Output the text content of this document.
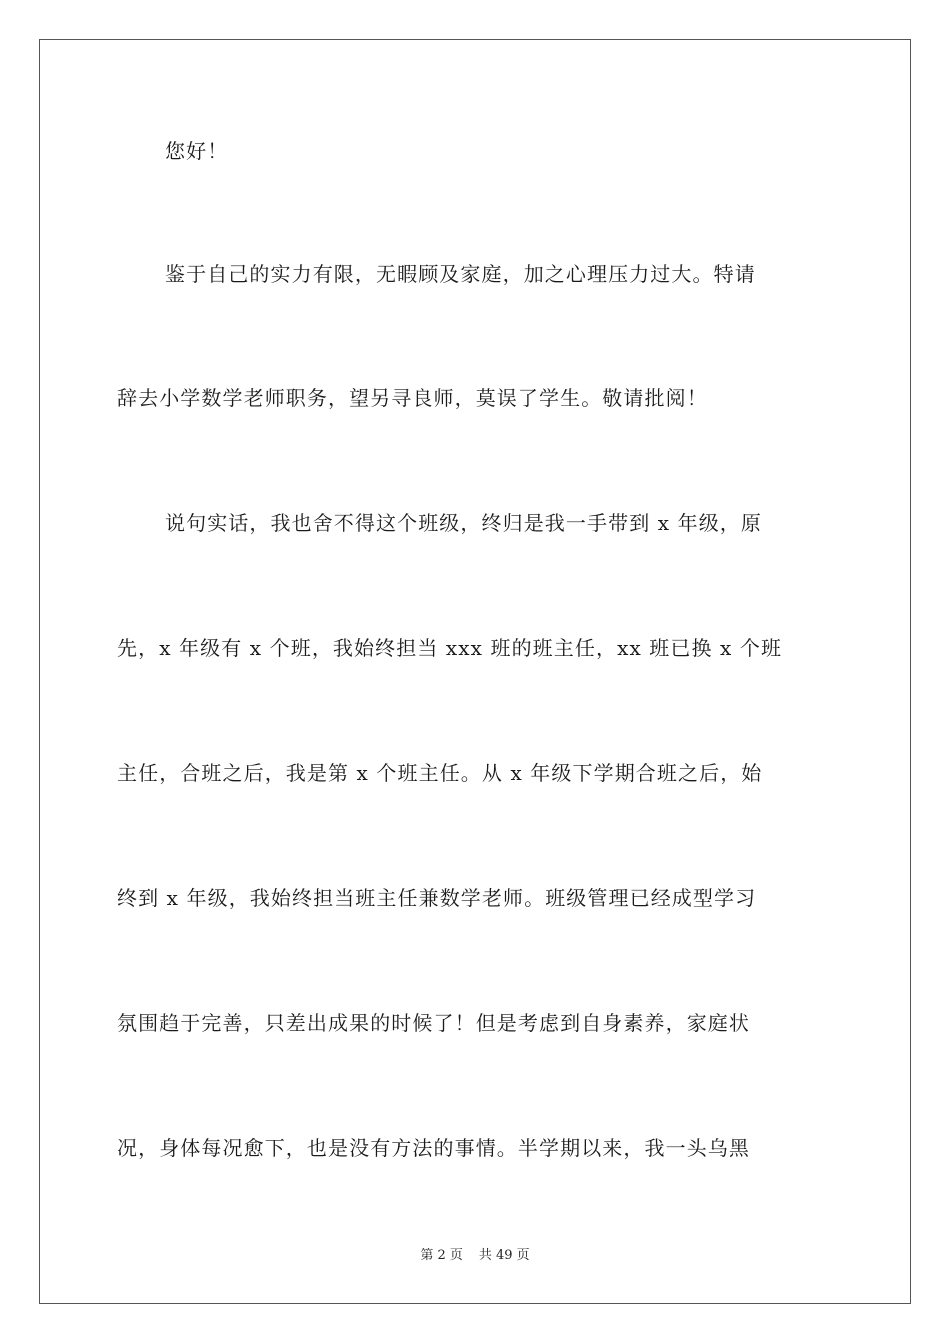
您好！
鉴于自己的实力有限，无暇顾及家庭，加之心理压力过大。特请
辞去小学数学老师职务，望另寻良师，莫误了学生。敬请批阅！
说句实话，我也舍不得这个班级，终归是我一手带到 x 年级，原
先，x 年级有 x 个班，我始终担当 xxx 班的班主任，xx 班已换 x 个班
主任，合班之后，我是第 x 个班主任。从 x 年级下学期合班之后，始
终到 x 年级，我始终担当班主任兼数学老师。班级管理已经成型学习
氛围趋于完善，只差出成果的时候了！但是考虑到自身素养，家庭状
况，身体每况愈下，也是没有方法的事情。半学期以来，我一头乌黑
第 2 页 共 49 页
